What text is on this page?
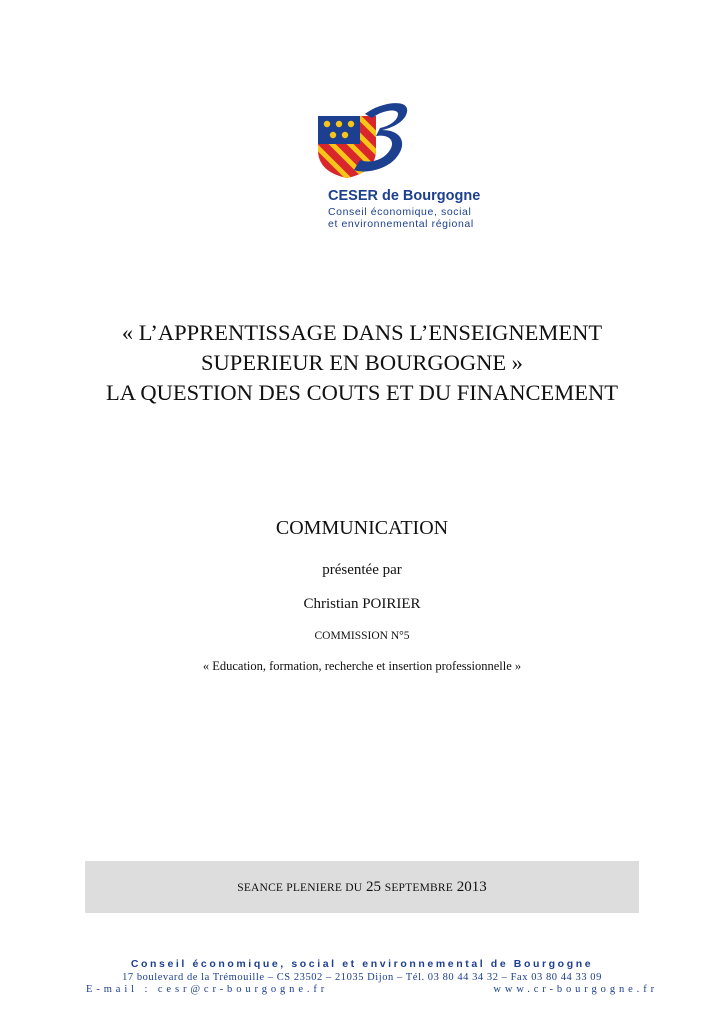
CESER de Bourgogne
Conseil économique, social
et environnemental régional
« L’APPRENTISSAGE DANS L’ENSEIGNEMENT
SUPERIEUR EN BOURGOGNE »
LA QUESTION DES COUTS ET DU FINANCEMENT
COMMUNICATION
présentée par
Christian POIRIER
COMMISSION N°5
« Education, formation, recherche et insertion professionnelle »
SEANCE PLENIERE DU 25 SEPTEMBRE 2013
Conseil économique, social et environnemental de Bourgogne
17 boulevard de la Trémouille – CS 23502 – 21035 Dijon – Tél. 03 80 44 34 32 – Fax 03 80 44 33 09
E-mail : cesr@cr-bourgogne.fr	www.cr-bourgogne.fr
